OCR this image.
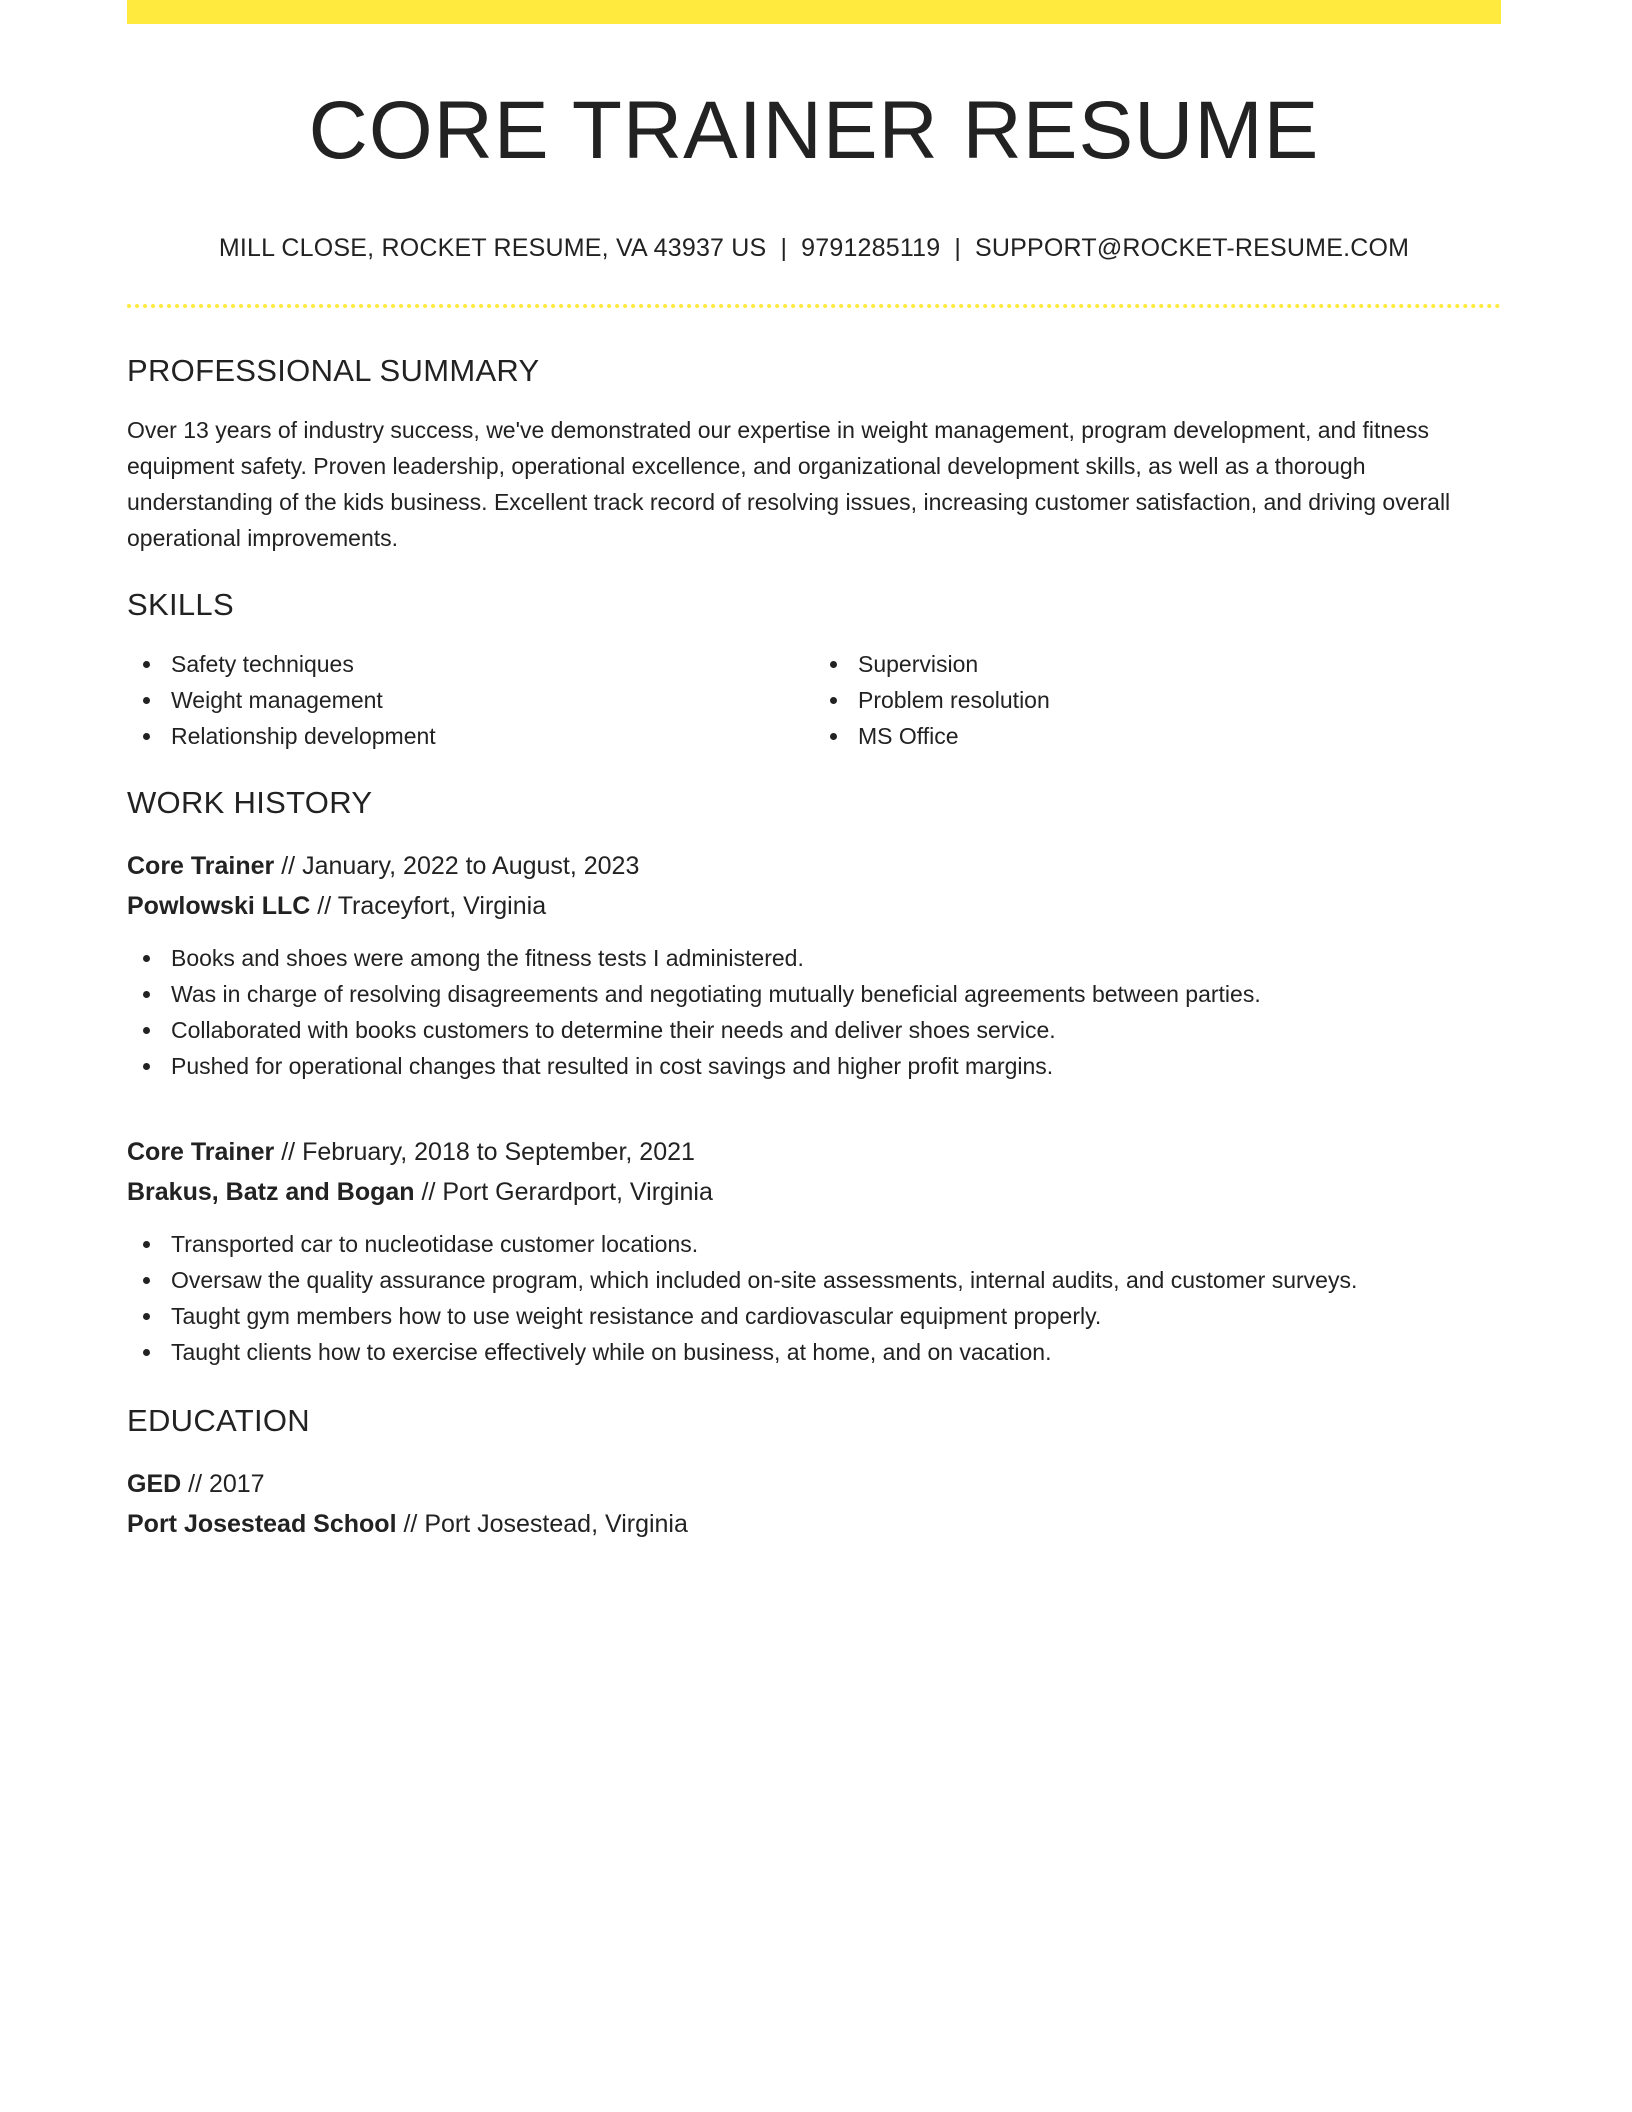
CORE TRAINER RESUME
MILL CLOSE, ROCKET RESUME, VA 43937 US | 9791285119 | SUPPORT@ROCKET-RESUME.COM
PROFESSIONAL SUMMARY

Over 13 years of industry success, we've demonstrated our expertise in weight management, program development, and fitness equipment safety. Proven leadership, operational excellence, and organizational development skills, as well as a thorough understanding of the kids business. Excellent track record of resolving issues, increasing customer satisfaction, and driving overall operational improvements.

SKILLS
Safety techniques
Weight management
Relationship development
Supervision
Problem resolution
MS Office
WORK HISTORY
Core Trainer // January, 2022 to August, 2023
Powlowski LLC // Traceyfort, Virginia
Books and shoes were among the fitness tests I administered.
Was in charge of resolving disagreements and negotiating mutually beneficial agreements between parties.
Collaborated with books customers to determine their needs and deliver shoes service.
Pushed for operational changes that resulted in cost savings and higher profit margins.
Core Trainer // February, 2018 to September, 2021
Brakus, Batz and Bogan // Port Gerardport, Virginia
Transported car to nucleotidase customer locations.
Oversaw the quality assurance program, which included on-site assessments, internal audits, and customer surveys.
Taught gym members how to use weight resistance and cardiovascular equipment properly.
Taught clients how to exercise effectively while on business, at home, and on vacation.
EDUCATION
GED // 2017
Port Josestead School // Port Josestead, Virginia
